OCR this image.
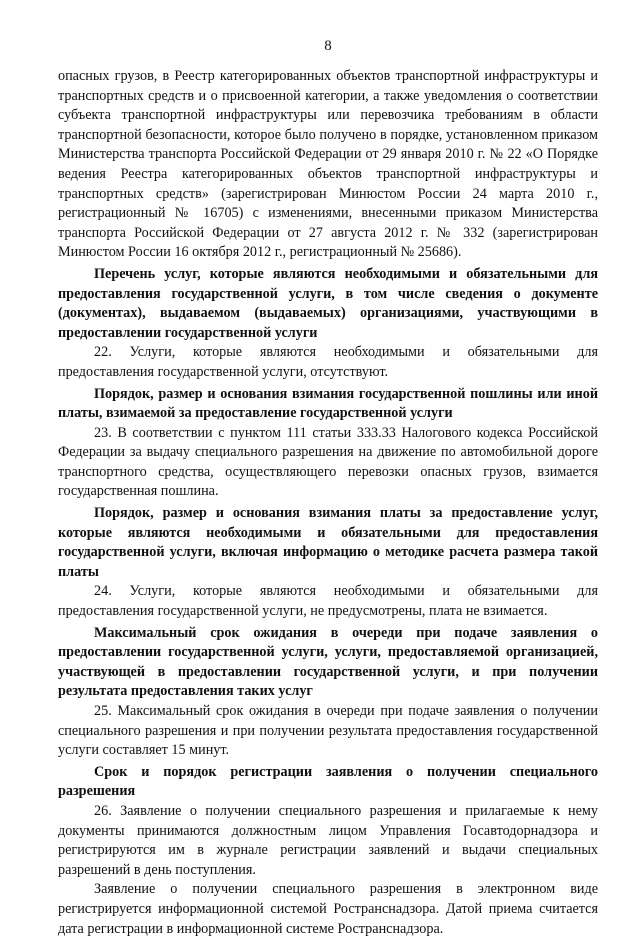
8

опасных грузов, в Реестр категорированных объектов транспортной инфраструктуры и транспортных средств и о присвоенной категории, а также уведомления о соответствии субъекта транспортной инфраструктуры или перевозчика требованиям в области транспортной безопасности, которое было получено в порядке, установленном приказом Министерства транспорта Российской Федерации от 29 января 2010 г. № 22 «О Порядке ведения Реестра категорированных объектов транспортной инфраструктуры и транспортных средств» (зарегистрирован Минюстом России 24 марта 2010 г., регистрационный № 16705) с изменениями, внесенными приказом Министерства транспорта Российской Федерации от 27 августа 2012 г. № 332 (зарегистрирован Минюстом России 16 октября 2012 г., регистрационный № 25686).

Перечень услуг, которые являются необходимыми и обязательными для предоставления государственной услуги, в том числе сведения о документе (документах), выдаваемом (выдаваемых) организациями, участвующими в предоставлении государственной услуги

22. Услуги, которые являются необходимыми и обязательными для предоставления государственной услуги, отсутствуют.

Порядок, размер и основания взимания государственной пошлины или иной платы, взимаемой за предоставление государственной услуги

23. В соответствии с пунктом 111 статьи 333.33 Налогового кодекса Российской Федерации за выдачу специального разрешения на движение по автомобильной дороге транспортного средства, осуществляющего перевозки опасных грузов, взимается государственная пошлина.

Порядок, размер и основания взимания платы за предоставление услуг, которые являются необходимыми и обязательными для предоставления государственной услуги, включая информацию о методике расчета размера такой платы

24. Услуги, которые являются необходимыми и обязательными для предоставления государственной услуги, не предусмотрены, плата не взимается.

Максимальный срок ожидания в очереди при подаче заявления о предоставлении государственной услуги, услуги, предоставляемой организацией, участвующей в предоставлении государственной услуги, и при получении результата предоставления таких услуг

25. Максимальный срок ожидания в очереди при подаче заявления о получении специального разрешения и при получении результата предоставления государственной услуги составляет 15 минут.

Срок и порядок регистрации заявления о получении специального разрешения

26. Заявление о получении специального разрешения и прилагаемые к нему документы принимаются должностным лицом Управления Госавтодорнадзора и регистрируются им в журнале регистрации заявлений и выдачи специальных разрешений в день поступления.

Заявление о получении специального разрешения в электронном виде регистрируется информационной системой Ространснадзора. Датой приема считается дата регистрации в информационной системе Ространснадзора.
